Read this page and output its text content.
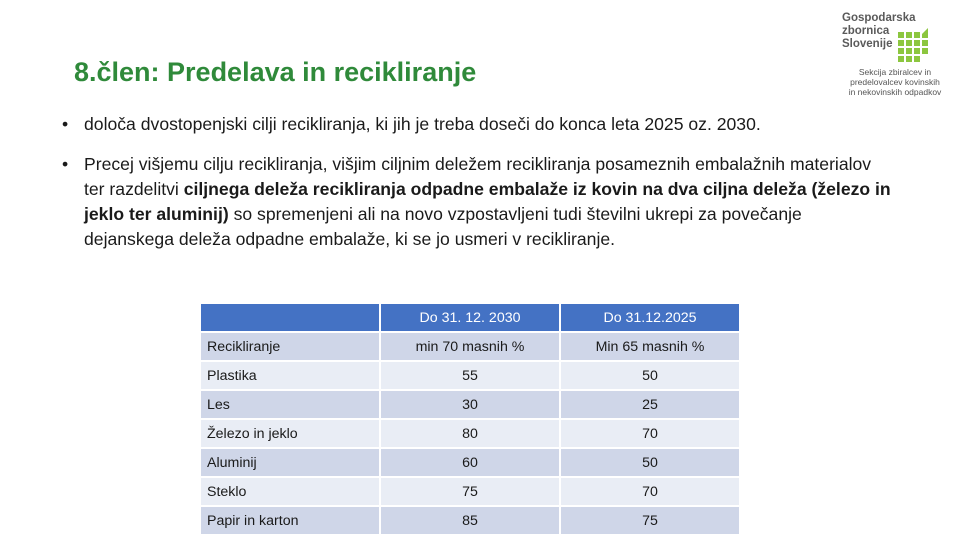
8.člen: Predelava in recikliranje
Gospodarska
zbornica
Slovenije
Sekcija zbiralcev in
predelovalcev kovinskih
in nekovinskih odpadkov
• določa dvostopenjski cilji recikliranja, ki jih je treba doseči do konca leta 2025 oz. 2030.
• Precej višjemu cilju recikliranja, višjim ciljnim deležem recikliranja posameznih embalažnih materialov ter razdelitvi ciljnega deleža recikliranja odpadne embalaže iz kovin na dva ciljna deleža (železo in jeklo ter aluminij) so spremenjeni ali na novo vzpostavljeni tudi številni ukrepi za povečanje dejanskega deleža odpadne embalaže, ki se jo usmeri v recikliranje.
	Do 31. 12. 2030	Do 31.12.2025
Recikliranje	min 70 masnih %	Min 65 masnih %
Plastika	55	50
Les	30	25
Železo in jeklo	80	70
Aluminij	60	50
Steklo	75	70
Papir in karton	85	75
